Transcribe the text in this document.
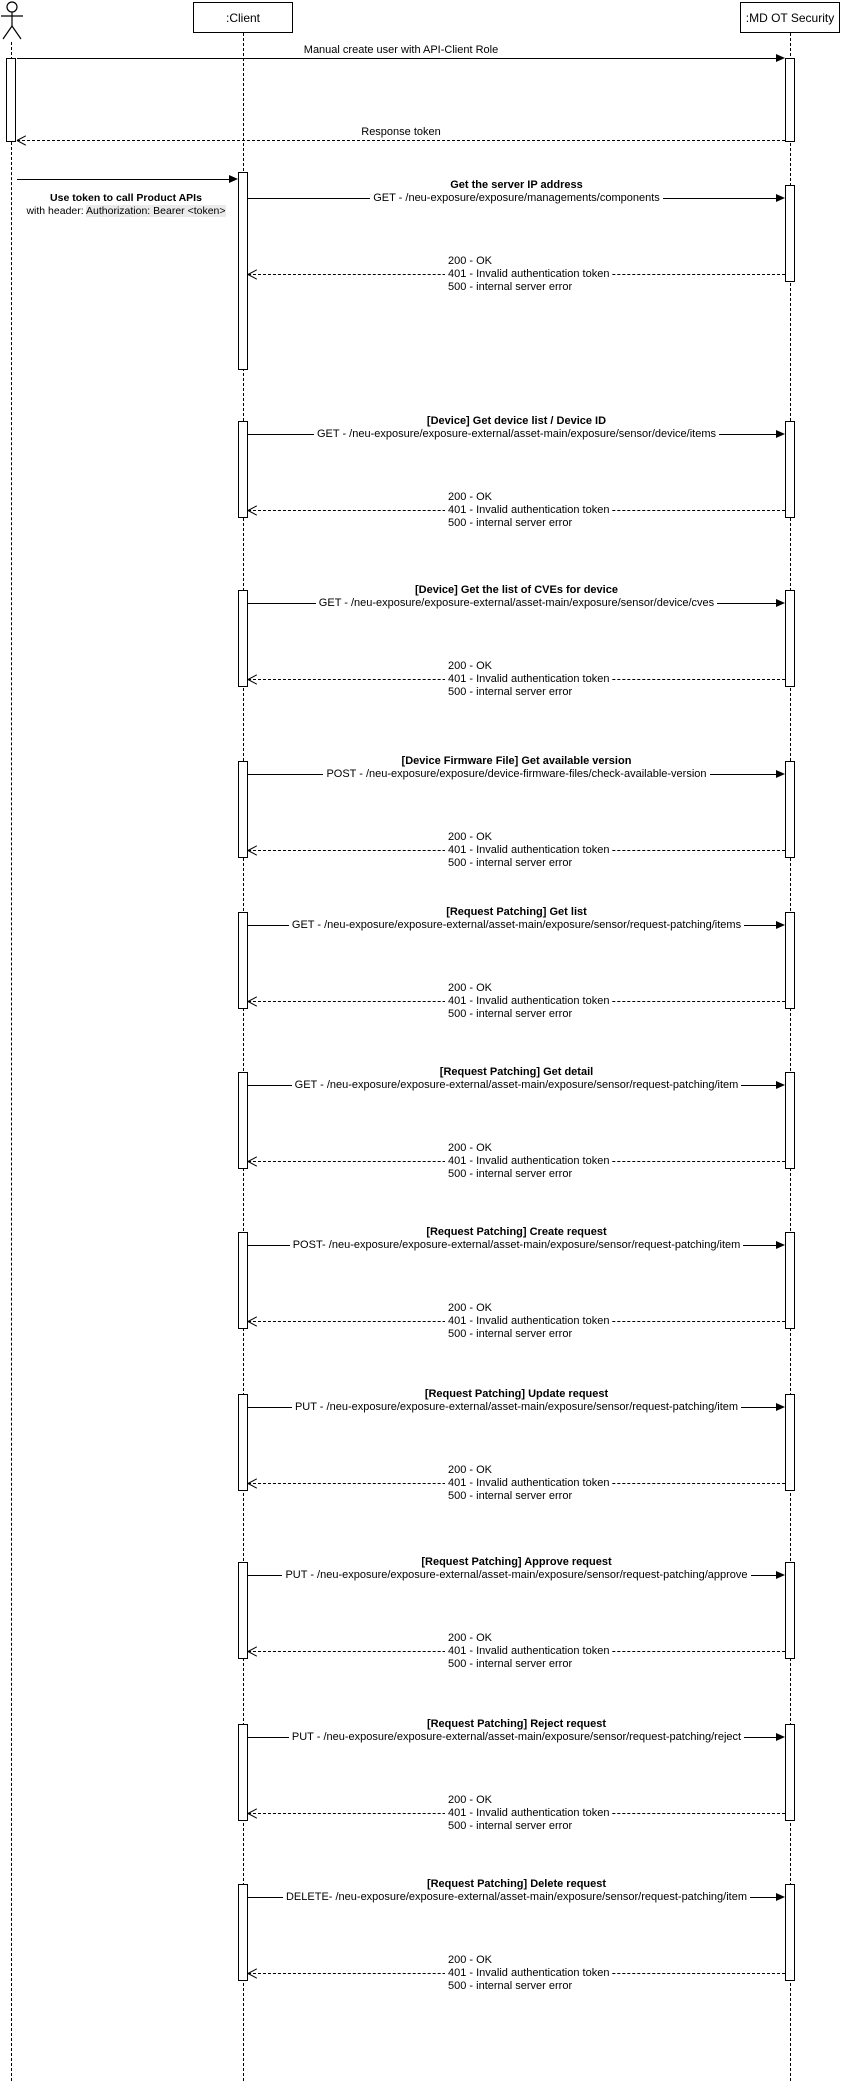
:Client	:MD OT Security
Manual create user with API-Client Role
Response token
Use token to call Product APIs
with header: Authorization: Bearer <token>
Get the server IP address
GET - /neu-exposure/exposure/managements/components
200 - OK
401 - Invalid authentication token
500 - internal server error
[Device] Get device list / Device ID
GET - /neu-exposure/exposure-external/asset-main/exposure/sensor/device/items
200 - OK
401 - Invalid authentication token
500 - internal server error
[Device] Get the list of CVEs for device
GET - /neu-exposure/exposure-external/asset-main/exposure/sensor/device/cves
200 - OK
401 - Invalid authentication token
500 - internal server error
[Device Firmware File] Get available version
POST - /neu-exposure/exposure/device-firmware-files/check-available-version
200 - OK
401 - Invalid authentication token
500 - internal server error
[Request Patching] Get list
GET - /neu-exposure/exposure-external/asset-main/exposure/sensor/request-patching/items
200 - OK
401 - Invalid authentication token
500 - internal server error
[Request Patching] Get detail
GET - /neu-exposure/exposure-external/asset-main/exposure/sensor/request-patching/item
200 - OK
401 - Invalid authentication token
500 - internal server error
[Request Patching] Create request
POST- /neu-exposure/exposure-external/asset-main/exposure/sensor/request-patching/item
200 - OK
401 - Invalid authentication token
500 - internal server error
[Request Patching] Update request
PUT - /neu-exposure/exposure-external/asset-main/exposure/sensor/request-patching/item
200 - OK
401 - Invalid authentication token
500 - internal server error
[Request Patching] Approve request
PUT - /neu-exposure/exposure-external/asset-main/exposure/sensor/request-patching/approve
200 - OK
401 - Invalid authentication token
500 - internal server error
[Request Patching] Reject request
PUT - /neu-exposure/exposure-external/asset-main/exposure/sensor/request-patching/reject
200 - OK
401 - Invalid authentication token
500 - internal server error
[Request Patching] Delete request
DELETE- /neu-exposure/exposure-external/asset-main/exposure/sensor/request-patching/item
200 - OK
401 - Invalid authentication token
500 - internal server error
